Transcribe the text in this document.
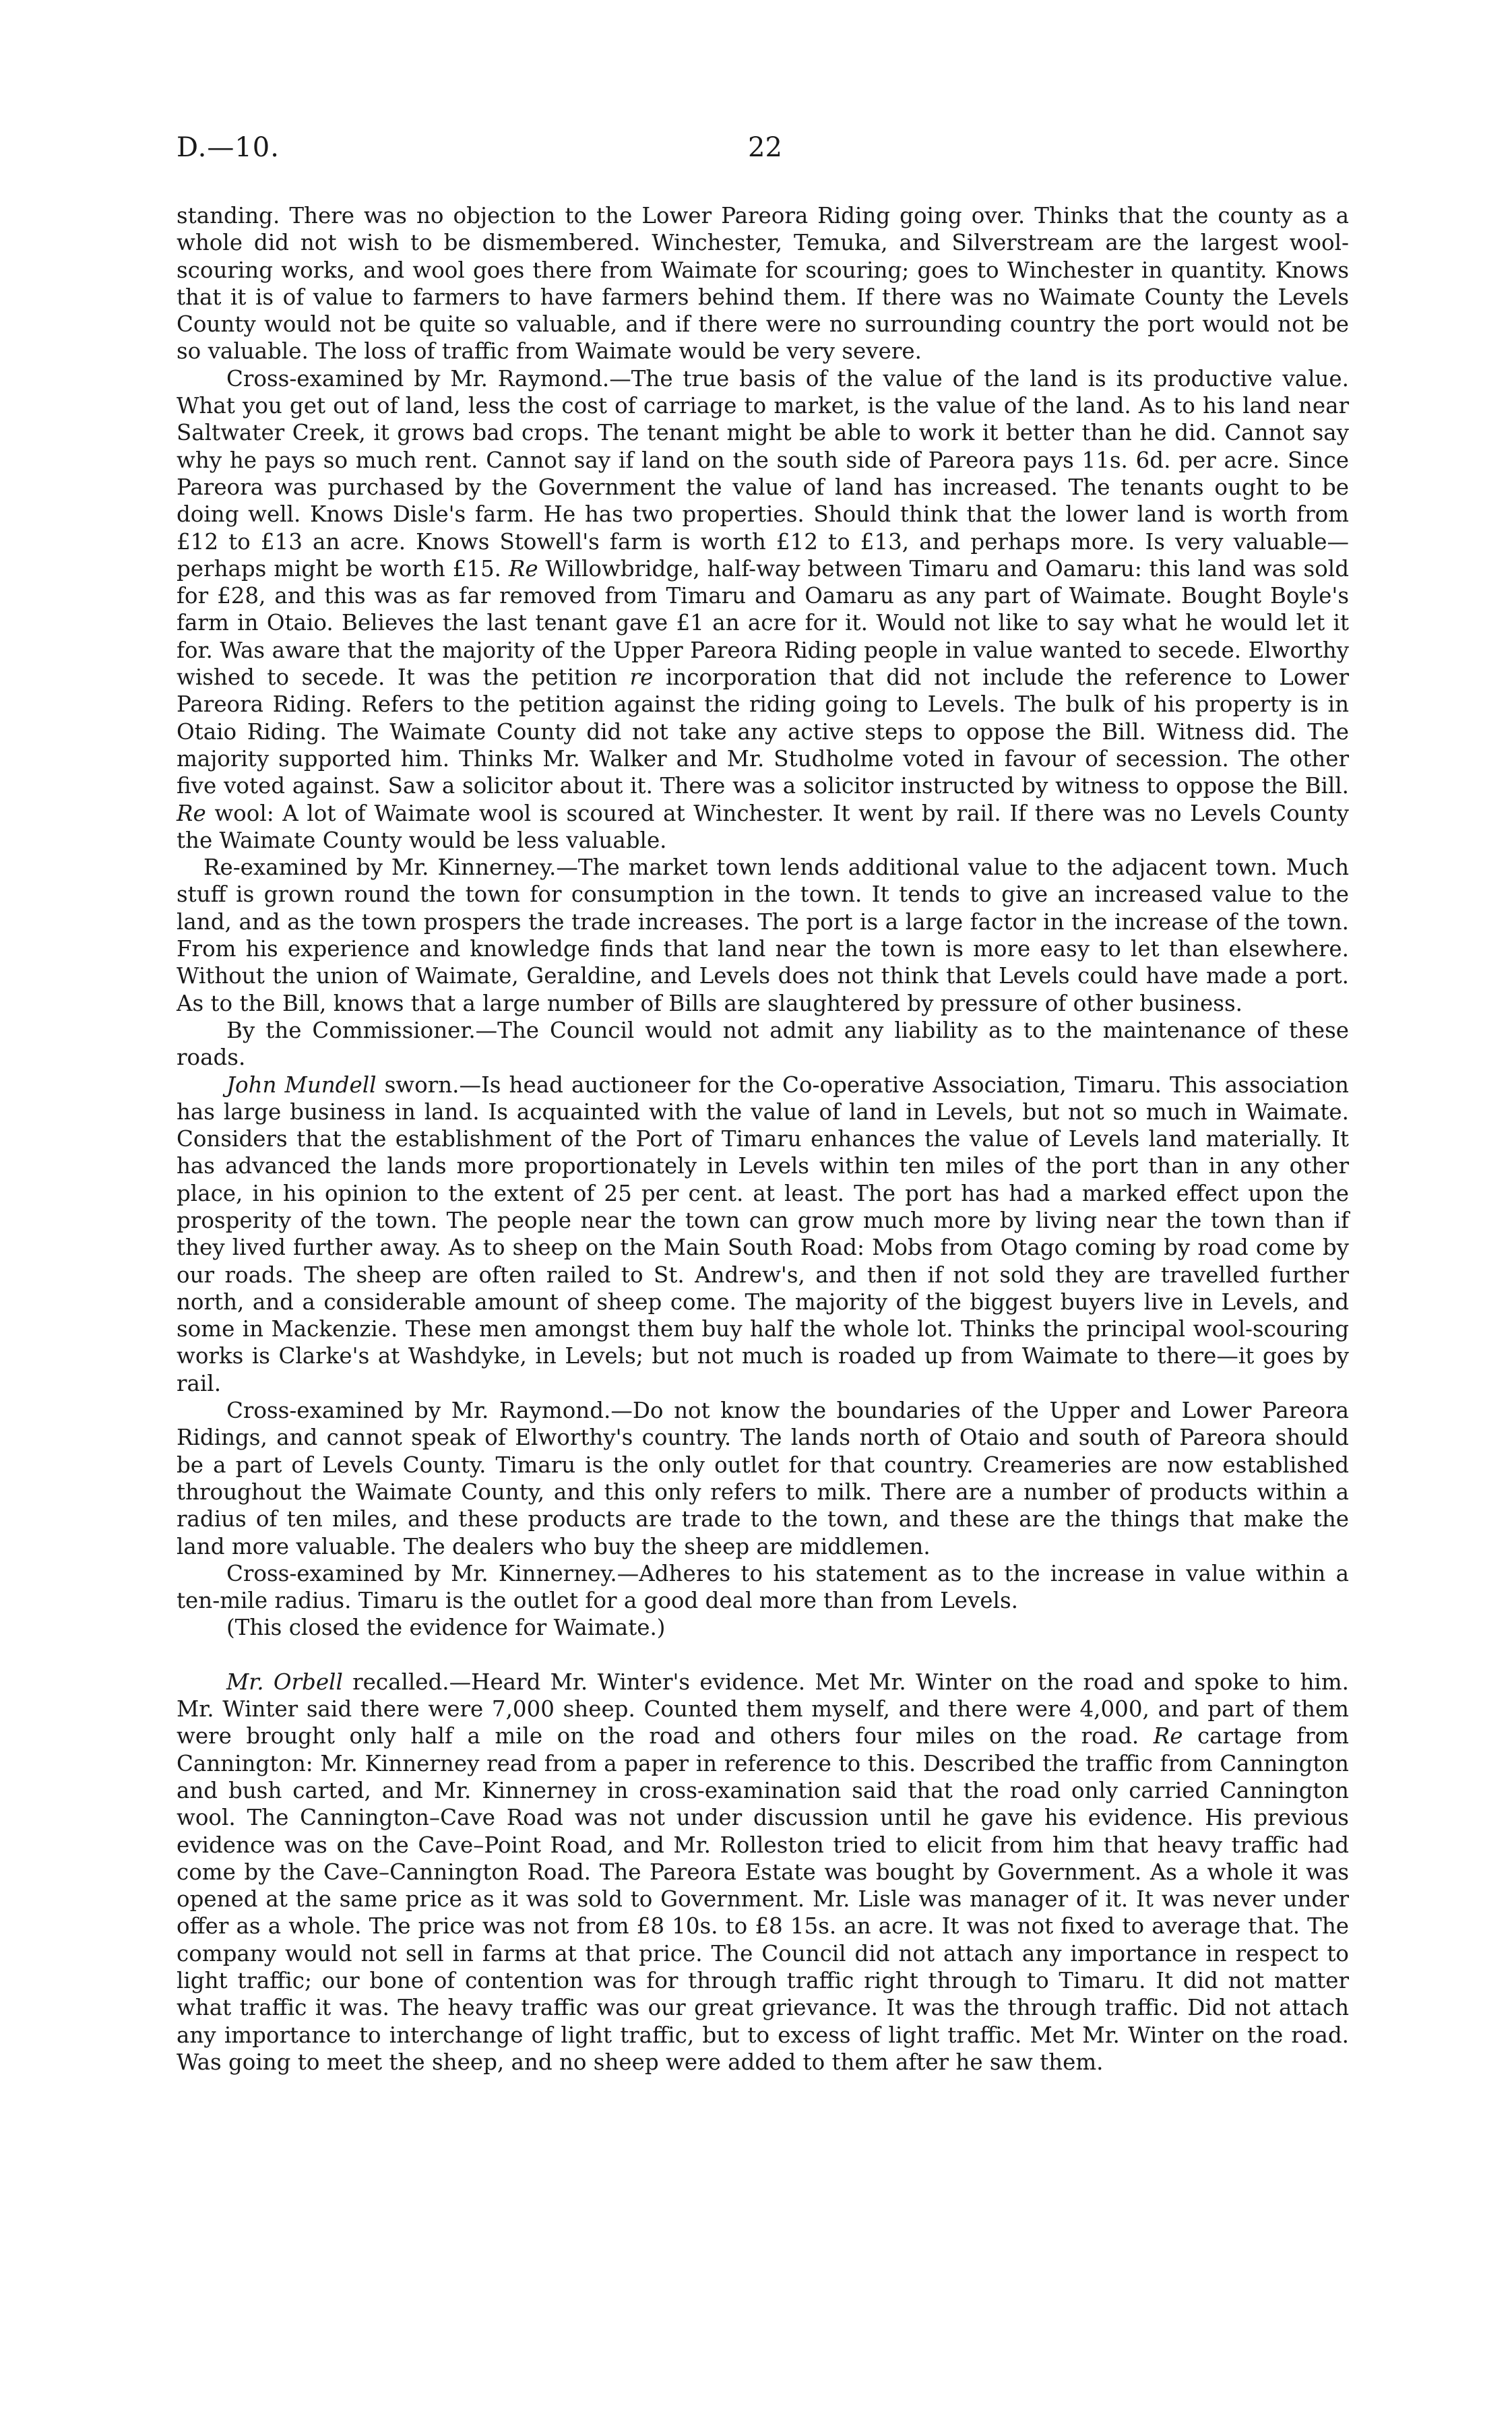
D.—10.	22

standing. There was no objection to the Lower Pareora Riding going over. Thinks that the county as a whole did not wish to be dismembered. Winchester, Temuka, and Silverstream are the largest wool-scouring works, and wool goes there from Waimate for scouring; goes to Winchester in quantity. Knows that it is of value to farmers to have farmers behind them. If there was no Waimate County the Levels County would not be quite so valuable, and if there were no surrounding country the port would not be so valuable. The loss of traffic from Waimate would be very severe.

Cross-examined by Mr. Raymond.—The true basis of the value of the land is its productive value. What you get out of land, less the cost of carriage to market, is the value of the land. As to his land near Saltwater Creek, it grows bad crops. The tenant might be able to work it better than he did. Cannot say why he pays so much rent. Cannot say if land on the south side of Pareora pays 11s. 6d. per acre. Since Pareora was purchased by the Government the value of land has increased. The tenants ought to be doing well. Knows Disle's farm. He has two properties. Should think that the lower land is worth from £12 to £13 an acre. Knows Stowell's farm is worth £12 to £13, and perhaps more. Is very valuable—perhaps might be worth £15. Re Willowbridge, half-way between Timaru and Oamaru: this land was sold for £28, and this was as far removed from Timaru and Oamaru as any part of Waimate. Bought Boyle's farm in Otaio. Believes the last tenant gave £1 an acre for it. Would not like to say what he would let it for. Was aware that the majority of the Upper Pareora Riding people in value wanted to secede. Elworthy wished to secede. It was the petition re incorporation that did not include the reference to Lower Pareora Riding. Refers to the petition against the riding going to Levels. The bulk of his property is in Otaio Riding. The Waimate County did not take any active steps to oppose the Bill. Witness did. The majority supported him. Thinks Mr. Walker and Mr. Studholme voted in favour of secession. The other five voted against. Saw a solicitor about it. There was a solicitor instructed by witness to oppose the Bill. Re wool: A lot of Waimate wool is scoured at Winchester. It went by rail. If there was no Levels County the Waimate County would be less valuable.

Re-examined by Mr. Kinnerney.—The market town lends additional value to the adjacent town. Much stuff is grown round the town for consumption in the town. It tends to give an increased value to the land, and as the town prospers the trade increases. The port is a large factor in the increase of the town. From his experience and knowledge finds that land near the town is more easy to let than elsewhere. Without the union of Waimate, Geraldine, and Levels does not think that Levels could have made a port. As to the Bill, knows that a large number of Bills are slaughtered by pressure of other business.

By the Commissioner.—The Council would not admit any liability as to the maintenance of these roads.

John Mundell sworn.—Is head auctioneer for the Co-operative Association, Timaru. This association has large business in land. Is acquainted with the value of land in Levels, but not so much in Waimate. Considers that the establishment of the Port of Timaru enhances the value of Levels land materially. It has advanced the lands more proportionately in Levels within ten miles of the port than in any other place, in his opinion to the extent of 25 per cent. at least. The port has had a marked effect upon the prosperity of the town. The people near the town can grow much more by living near the town than if they lived further away. As to sheep on the Main South Road: Mobs from Otago coming by road come by our roads. The sheep are often railed to St. Andrew's, and then if not sold they are travelled further north, and a considerable amount of sheep come. The majority of the biggest buyers live in Levels, and some in Mackenzie. These men amongst them buy half the whole lot. Thinks the principal wool-scouring works is Clarke's at Washdyke, in Levels; but not much is roaded up from Waimate to there—it goes by rail.

Cross-examined by Mr. Raymond.—Do not know the boundaries of the Upper and Lower Pareora Ridings, and cannot speak of Elworthy's country. The lands north of Otaio and south of Pareora should be a part of Levels County. Timaru is the only outlet for that country. Creameries are now established throughout the Waimate County, and this only refers to milk. There are a number of products within a radius of ten miles, and these products are trade to the town, and these are the things that make the land more valuable. The dealers who buy the sheep are middlemen.

Cross-examined by Mr. Kinnerney.—Adheres to his statement as to the increase in value within a ten-mile radius. Timaru is the outlet for a good deal more than from Levels.

(This closed the evidence for Waimate.)

Mr. Orbell recalled.—Heard Mr. Winter's evidence. Met Mr. Winter on the road and spoke to him. Mr. Winter said there were 7,000 sheep. Counted them myself, and there were 4,000, and part of them were brought only half a mile on the road and others four miles on the road. Re cartage from Cannington: Mr. Kinnerney read from a paper in reference to this. Described the traffic from Cannington and bush carted, and Mr. Kinnerney in cross-examination said that the road only carried Cannington wool. The Cannington–Cave Road was not under discussion until he gave his evidence. His previous evidence was on the Cave–Point Road, and Mr. Rolleston tried to elicit from him that heavy traffic had come by the Cave–Cannington Road. The Pareora Estate was bought by Government. As a whole it was opened at the same price as it was sold to Government. Mr. Lisle was manager of it. It was never under offer as a whole. The price was not from £8 10s. to £8 15s. an acre. It was not fixed to average that. The company would not sell in farms at that price. The Council did not attach any importance in respect to light traffic; our bone of contention was for through traffic right through to Timaru. It did not matter what traffic it was. The heavy traffic was our great grievance. It was the through traffic. Did not attach any importance to interchange of light traffic, but to excess of light traffic. Met Mr. Winter on the road. Was going to meet the sheep, and no sheep were added to them after he saw them.
